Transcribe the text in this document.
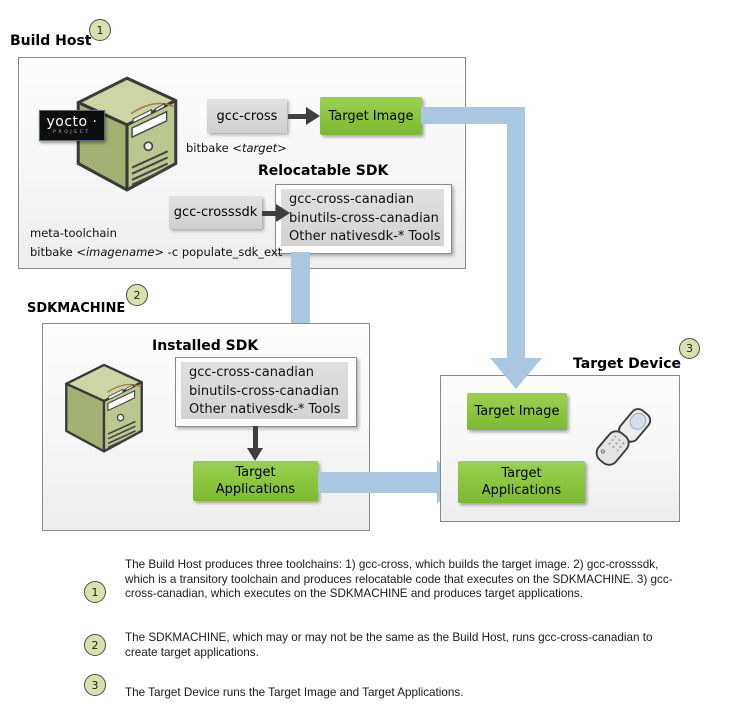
1
Build Host
yocto ·
PROJECT
gcc-cross	Target Image
bitbake <target>
Relocatable SDK
gcc-cross-canadian
binutils-cross-canadian
Other nativesdk-* Tools
gcc-crosssdk
meta-toolchain
bitbake <imagename> -c populate_sdk_ext
2
SDKMACHINE
Installed SDK
gcc-cross-canadian
binutils-cross-canadian
Other nativesdk-* Tools
Target Applications
3
Target Device
Target Image
Target Applications
1
The Build Host produces three toolchains: 1) gcc-cross, which builds the target image. 2) gcc-crosssdk, which is a transitory toolchain and produces relocatable code that executes on the SDKMACHINE. 3) gcc-cross-canadian, which executes on the SDKMACHINE and produces target applications.
2
The SDKMACHINE, which may or may not be the same as the Build Host, runs gcc-cross-canadian to create target applications.
3
The Target Device runs the Target Image and Target Applications.
